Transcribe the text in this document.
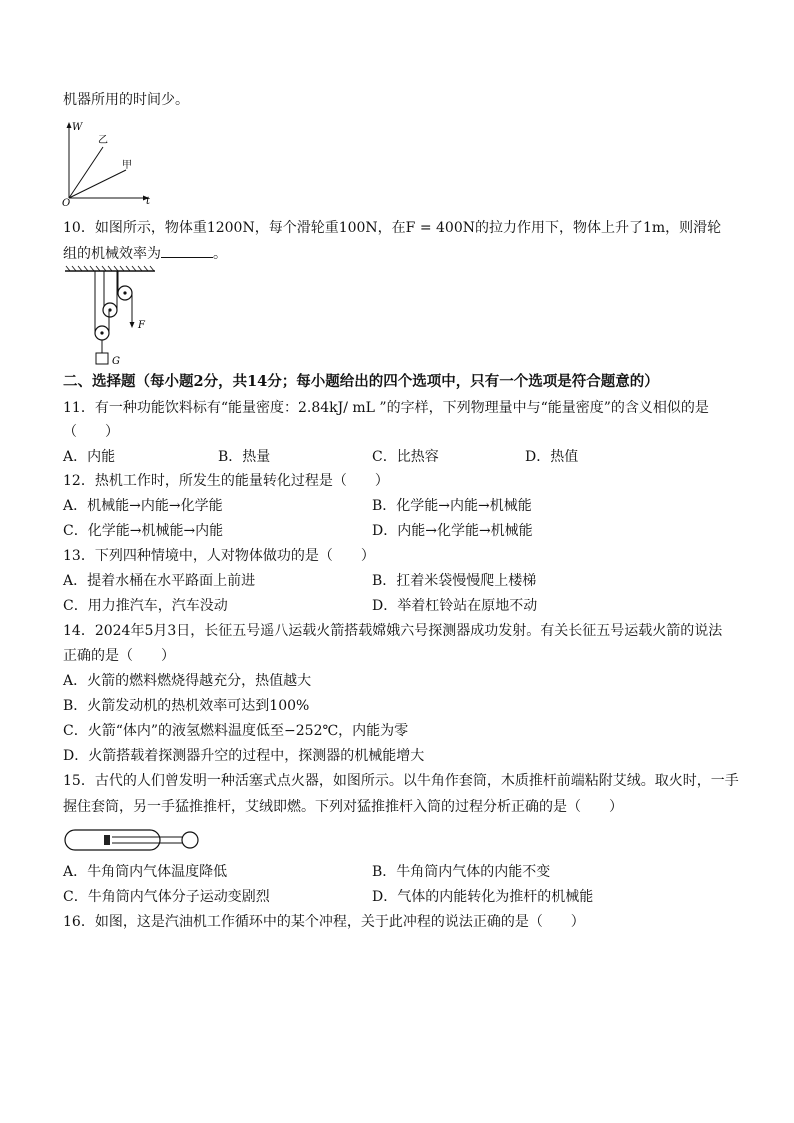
机器所用的时间少。
W
t
O
乙
甲
10．如图所示，物体重1200N，每个滑轮重100N，在F = 400N的拉力作用下，物体上升了1m，则滑轮
组的机械效率为	。
F
G
二、选择题（每小题2分，共14分；每小题给出的四个选项中，只有一个选项是符合题意的）
11．有一种功能饮料标有“能量密度：2.84kJ/ mL ”的字样，下列物理量中与“能量密度”的含义相似的是
（　　）
A．内能	B．热量	C．比热容	D．热值
12．热机工作时，所发生的能量转化过程是（　　）
A．机械能→内能→化学能	B．化学能→内能→机械能
C．化学能→机械能→内能	D．内能→化学能→机械能
13．下列四种情境中，人对物体做功的是（　　）
A．提着水桶在水平路面上前进	B．扛着米袋慢慢爬上楼梯
C．用力推汽车，汽车没动	D．举着杠铃站在原地不动
14．2024年5月3日，长征五号遥八运载火箭搭载嫦娥六号探测器成功发射。有关长征五号运载火箭的说法
正确的是（　　）
A．火箭的燃料燃烧得越充分，热值越大
B．火箭发动机的热机效率可达到100%
C．火箭“体内”的液氢燃料温度低至−252℃，内能为零
D．火箭搭载着探测器升空的过程中，探测器的机械能增大
15．古代的人们曾发明一种活塞式点火器，如图所示。以牛角作套筒，木质推杆前端粘附艾绒。取火时，一手
握住套筒，另一手猛推推杆，艾绒即燃。下列对猛推推杆入筒的过程分析正确的是（　　）
A．牛角筒内气体温度降低	B．牛角筒内气体的内能不变
C．牛角筒内气体分子运动变剧烈	D．气体的内能转化为推杆的机械能
16．如图，这是汽油机工作循环中的某个冲程，关于此冲程的说法正确的是（　　）
